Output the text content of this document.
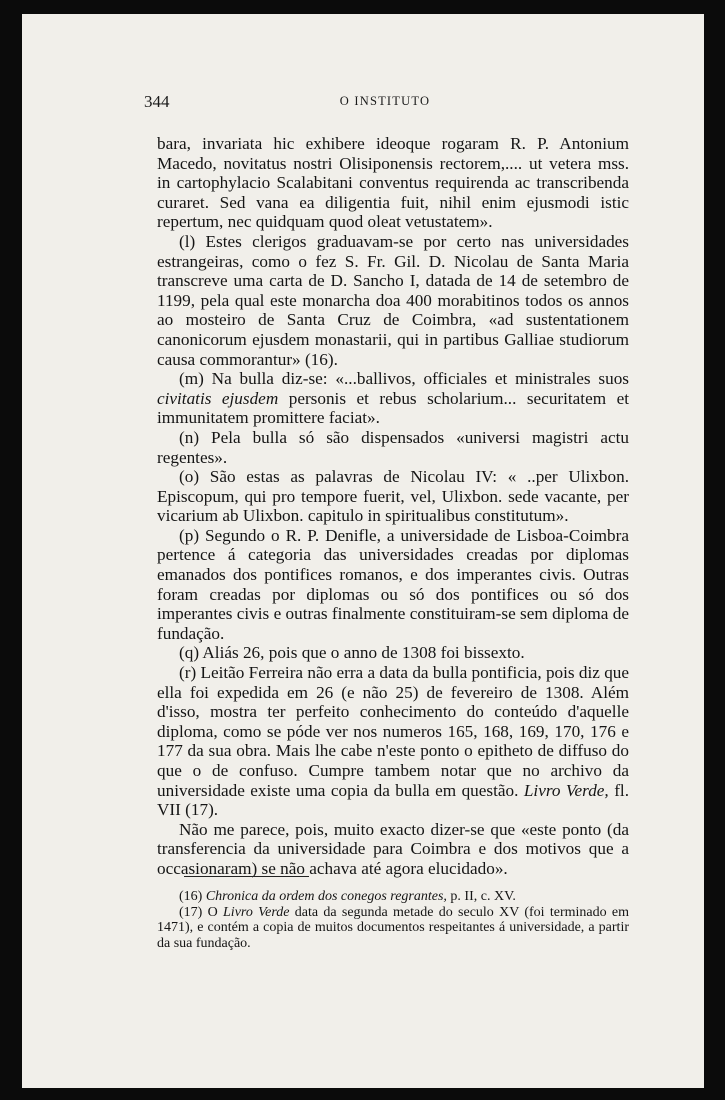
344	O INSTITUTO

bara, invariata hic exhibere ideoque rogaram R. P. Antonium Macedo, novitatus nostri Olisiponensis rectorem,.... ut vetera mss. in cartophylacio Scalabitani conventus requirenda ac transcribenda curaret. Sed vana ea diligentia fuit, nihil enim ejusmodi istic repertum, nec quidquam quod oleat vetustatem».

(l) Estes clerigos graduavam-se por certo nas universidades estrangeiras, como o fez S. Fr. Gil. D. Nicolau de Santa Maria transcreve uma carta de D. Sancho I, datada de 14 de setembro de 1199, pela qual este monarcha doa 400 morabitinos todos os annos ao mosteiro de Santa Cruz de Coimbra, «ad sustentationem canonicorum ejusdem monastarii, qui in partibus Galliae studiorum causa commorantur» (16).

(m) Na bulla diz-se: «...ballivos, officiales et ministrales suos civitatis ejusdem personis et rebus scholarium... securitatem et immunitatem promittere faciat».

(n) Pela bulla só são dispensados «universi magistri actu regentes».

(o) São estas as palavras de Nicolau IV: « ..per Ulixbon. Episcopum, qui pro tempore fuerit, vel, Ulixbon. sede vacante, per vicarium ab Ulixbon. capitulo in spiritualibus constitutum».

(p) Segundo o R. P. Denifle, a universidade de Lisboa-Coimbra pertence á categoria das universidades creadas por diplomas emanados dos pontifices romanos, e dos imperantes civis. Outras foram creadas por diplomas ou só dos pontifices ou só dos imperantes civis e outras finalmente constituiram-se sem diploma de fundação.

(q) Aliás 26, pois que o anno de 1308 foi bissexto.

(r) Leitão Ferreira não erra a data da bulla pontificia, pois diz que ella foi expedida em 26 (e não 25) de fevereiro de 1308. Além d'isso, mostra ter perfeito conhecimento do conteúdo d'aquelle diploma, como se póde ver nos numeros 165, 168, 169, 170, 176 e 177 da sua obra. Mais lhe cabe n'este ponto o epitheto de diffuso do que o de confuso. Cumpre tambem notar que no archivo da universidade existe uma copia da bulla em questão. Livro Verde, fl. VII (17).

Não me parece, pois, muito exacto dizer-se que «este ponto (da transferencia da universidade para Coimbra e dos motivos que a occasionaram) se não achava até agora elucidado».

(16) Chronica da ordem dos conegos regrantes, p. II, c. XV.

(17) O Livro Verde data da segunda metade do seculo XV (foi terminado em 1471), e contém a copia de muitos documentos respeitantes á universidade, a partir da sua fundação.
